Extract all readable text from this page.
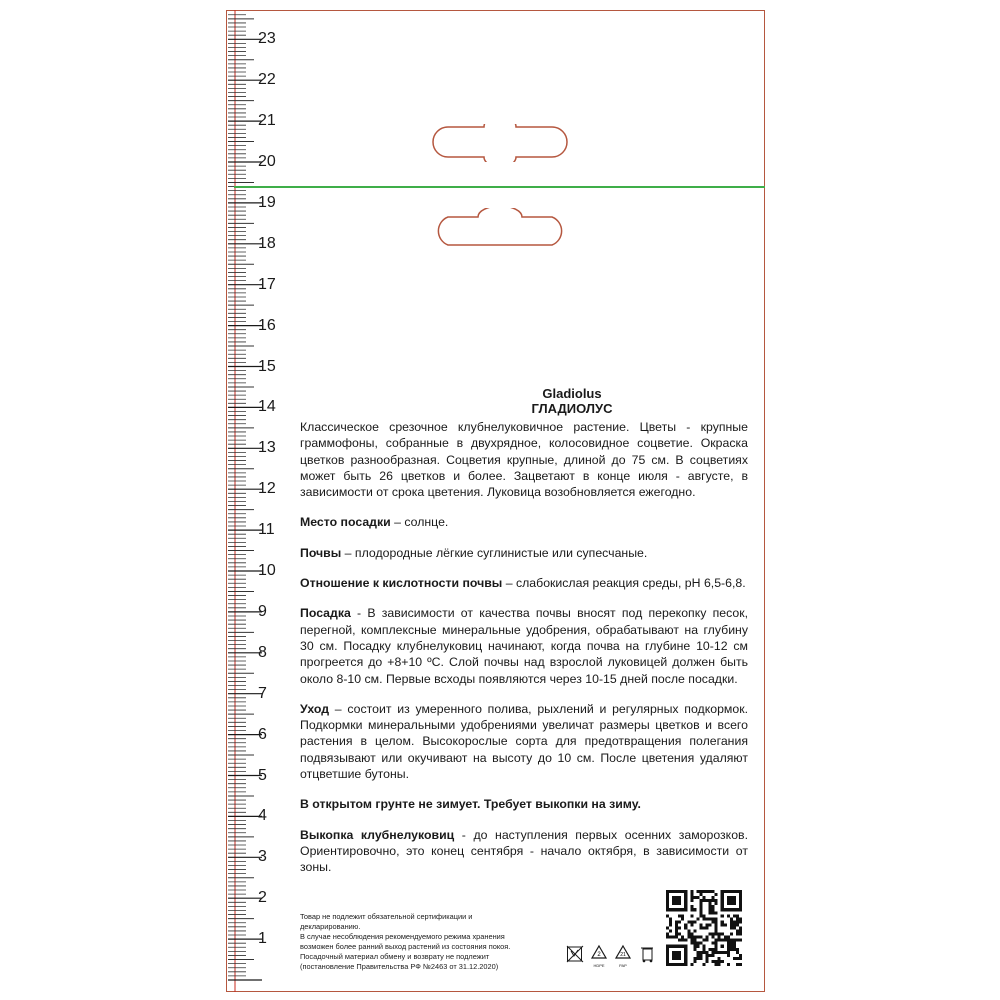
23
22
21
20
19
18
17
16
15
14
13
12
11
10
9
8
7
6
5
4
3
2
1
Gladiolus
ГЛАДИОЛУС

Классическое срезочное клубнелуковичное растение. Цветы - крупные граммофоны, собранные в двухрядное, колосовидное соцветие. Окраска цветков разнообразная. Соцветия крупные, длиной до 75 см. В соцветиях может быть 26 цветков и более. Зацветают в конце июля - августе, в зависимости от срока цветения. Луковица возобновляется ежегодно.

Место посадки – солнце.

Почвы – плодородные лёгкие суглинистые или супесчаные.

Отношение к кислотности почвы – слабокислая реакция среды, рН 6,5-6,8.

Посадка - В зависимости от качества почвы вносят под перекопку песок, перегной, комплексные минеральные удобрения, обрабатывают на глубину 30 см. Посадку клубнелуковиц начинают, когда почва на глубине 10-12 см прогреется до +8+10 ºС. Слой почвы над взрослой луковицей должен быть около 8-10 см. Первые всходы появляются через 10-15 дней после посадки.

Уход – состоит из умеренного полива, рыхлений и регулярных подкормок. Подкормки минеральными удобрениями увеличат размеры цветков и всего растения в целом. Высокорослые сорта для предотвращения полегания подвязывают или окучивают на высоту до 10 см. После цветения удаляют отцветшие бутоны.

В открытом грунте не зимует. Требует выкопки на зиму.

Выкопка клубнелуковиц - до наступления первых осенних заморозков. Ориентировочно, это конец сентября - начало октября, в зависимости от зоны.

Товар не подлежит обязательной сертификации и
декларированию.
В случае несоблюдения рекомендуемого режима хранения
возможен более ранний выход растений из состояния покоя.
Посадочный материал обмену и возврату не подлежит
(постановление Правительства РФ №2463 от 31.12.2020)
2
HDPE
21
PAP
